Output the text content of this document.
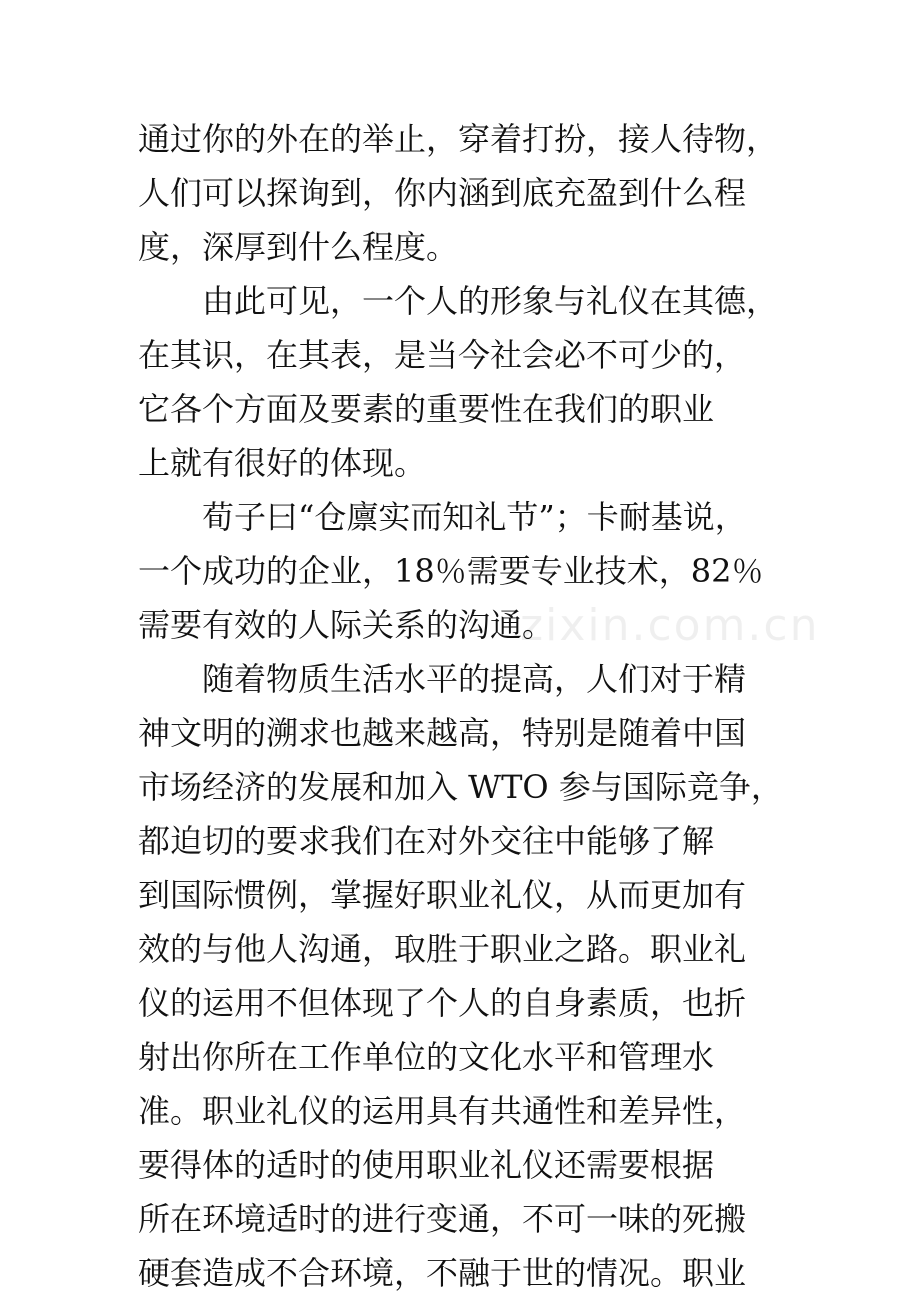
zixin.com.cn
通过你的外在的举止，穿着打扮，接人待物，
人们可以探询到，你内涵到底充盈到什么程
度，深厚到什么程度。
　　由此可见，一个人的形象与礼仪在其德，
在其识，在其表，是当今社会必不可少的，
它各个方面及要素的重要性在我们的职业
上就有很好的体现。
　　荀子曰“仓廪实而知礼节”；卡耐基说，
一个成功的企业，18％需要专业技术，82％
需要有效的人际关系的沟通。
　　随着物质生活水平的提高，人们对于精
神文明的溯求也越来越高，特别是随着中国
市场经济的发展和加入 WTO 参与国际竞争，
都迫切的要求我们在对外交往中能够了解
到国际惯例，掌握好职业礼仪，从而更加有
效的与他人沟通，取胜于职业之路。职业礼
仪的运用不但体现了个人的自身素质，也折
射出你所在工作单位的文化水平和管理水
准。职业礼仪的运用具有共通性和差异性，
要得体的适时的使用职业礼仪还需要根据
所在环境适时的进行变通，不可一味的死搬
硬套造成不合环境，不融于世的情况。职业
